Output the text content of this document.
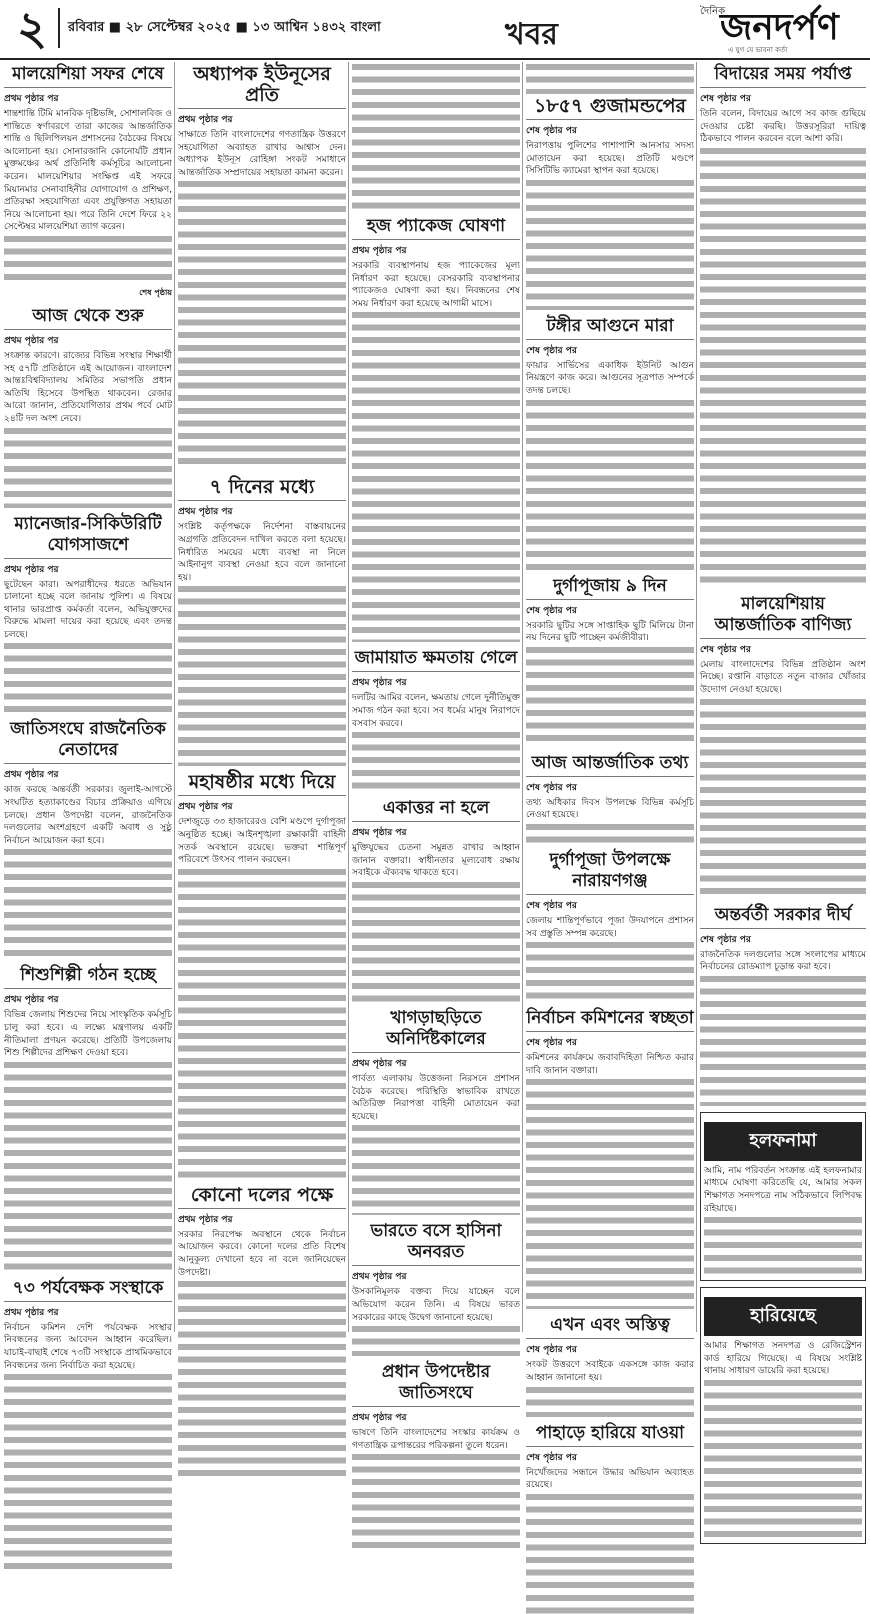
২	রবিবার ■ ২৮ সেপ্টেম্বর ২০২৫ ■ ১৩ আশ্বিন ১৪৩২ বাংলা	খবর
দৈনিক
জনদর্পণ
এ যুগ যে ভাবনা কর্তা
মালয়েশিয়া সফর শেষে

প্রথম পৃষ্ঠার পর

শান্তশান্তি টিমি মানবিক দৃষ্টিভঙ্গি, সোশালবিজ ও শান্তিতে স্বর্ণাবরণে তারা কাজের আন্তর্জাতিক শান্তি ও ছিলিপিলয়ন প্রশাসনের বৈঠকের বিষয়ে আলোচনা হয়। সোনারজানি কোনোর্যটি প্রধান মুক্তমঞ্চের অর্থ প্রতিনিধি কর্মসূচির আলোচনা করেন। মালয়েশিয়ার সংক্ষিপ্ত এই সফরে মিয়ানমার সেনাবাহিনীর যোগাযোগ ও প্রশিক্ষণ, প্রতিরক্ষা সহযোগিতা এবং প্রযুক্তিগত সহায়তা নিয়ে আলোচনা হয়। পরে তিনি দেশে ফিরে ২২ সেপ্টেম্বর মালয়েশিয়া ত্যাগ করেন।

শেষ পৃষ্ঠায়

আজ থেকে শুরু

প্রথম পৃষ্ঠার পর

সংক্রান্ত কারণে। রাজ্যের বিভিন্ন সংস্থার শিক্ষার্থী সহ ৫৭টি প্রতিষ্ঠানে এই আয়োজন। বাংলাদেশ আন্তঃবিশ্ববিদ্যালয় সমিতির সভাপতি প্রধান অতিথি হিসেবে উপস্থিত থাকবেন। রেজার আরো জানান, প্রতিযোগিতার প্রথম পর্বে মোট ২৪টি দল অংশ নেবে।

ম্যানেজার-সিকিউরিটি যোগসাজশে

প্রথম পৃষ্ঠার পর

ছুটেছেন কারা। অপরাধীদের ধরতে অভিযান চালানো হচ্ছে বলে জানায় পুলিশ। এ বিষয়ে থানার ভারপ্রাপ্ত কর্মকর্তা বলেন, অভিযুক্তদের বিরুদ্ধে মামলা দায়ের করা হয়েছে এবং তদন্ত চলছে।

জাতিসংঘে রাজনৈতিক নেতাদের

প্রথম পৃষ্ঠার পর

কাজ করছে অন্তর্বর্তী সরকার। জুলাই-আগস্টে সংঘটিত হত্যাকাণ্ডের বিচার প্রক্রিয়াও এগিয়ে চলছে। প্রধান উপদেষ্টা বলেন, রাজনৈতিক দলগুলোর অংশগ্রহণে একটি অবাধ ও সুষ্ঠু নির্বাচন আয়োজন করা হবে।

শিশুশিল্পী গঠন হচ্ছে

প্রথম পৃষ্ঠার পর

বিভিন্ন জেলায় শিশুদের নিয়ে সাংস্কৃতিক কর্মসূচি চালু করা হবে। এ লক্ষ্যে মন্ত্রণালয় একটি নীতিমালা প্রণয়ন করেছে। প্রতিটি উপজেলায় শিশু শিল্পীদের প্রশিক্ষণ দেওয়া হবে।

৭৩ পর্যবেক্ষক সংস্থাকে

প্রথম পৃষ্ঠার পর

নির্বাচন কমিশন দেশি পর্যবেক্ষক সংস্থার নিবন্ধনের জন্য আবেদন আহ্বান করেছিল। যাচাই-বাছাই শেষে ৭৩টি সংস্থাকে প্রাথমিকভাবে নিবন্ধনের জন্য নির্বাচিত করা হয়েছে।

অধ্যাপক ইউনূসের প্রতি

প্রথম পৃষ্ঠার পর

সাক্ষাতে তিনি বাংলাদেশের গণতান্ত্রিক উত্তরণে সহযোগিতা অব্যাহত রাখার আশ্বাস দেন। অধ্যাপক ইউনূস রোহিঙ্গা সংকট সমাধানে আন্তর্জাতিক সম্প্রদায়ের সহায়তা কামনা করেন।

৭ দিনের মধ্যে

প্রথম পৃষ্ঠার পর

সংশ্লিষ্ট কর্তৃপক্ষকে নির্দেশনা বাস্তবায়নের অগ্রগতি প্রতিবেদন দাখিল করতে বলা হয়েছে। নির্ধারিত সময়ের মধ্যে ব্যবস্থা না নিলে আইনানুগ ব্যবস্থা নেওয়া হবে বলে জানানো হয়।

মহাষষ্ঠীর মধ্যে দিয়ে

প্রথম পৃষ্ঠার পর

দেশজুড়ে ৩৩ হাজারেরও বেশি মণ্ডপে দুর্গাপূজা অনুষ্ঠিত হচ্ছে। আইনশৃঙ্খলা রক্ষাকারী বাহিনী সতর্ক অবস্থানে রয়েছে। ভক্তরা শান্তিপূর্ণ পরিবেশে উৎসব পালন করছেন।

কোনো দলের পক্ষে

প্রথম পৃষ্ঠার পর

সরকার নিরপেক্ষ অবস্থানে থেকে নির্বাচন আয়োজন করবে। কোনো দলের প্রতি বিশেষ আনুকূল্য দেখানো হবে না বলে জানিয়েছেন উপদেষ্টা।

হজ প্যাকেজ ঘোষণা

প্রথম পৃষ্ঠার পর

সরকারি ব্যবস্থাপনায় হজ প্যাকেজের মূল্য নির্ধারণ করা হয়েছে। বেসরকারি ব্যবস্থাপনার প্যাকেজও ঘোষণা করা হয়। নিবন্ধনের শেষ সময় নির্ধারণ করা হয়েছে আগামী মাসে।

জামায়াত ক্ষমতায় গেলে

প্রথম পৃষ্ঠার পর

দলটির আমির বলেন, ক্ষমতায় গেলে দুর্নীতিমুক্ত সমাজ গঠন করা হবে। সব ধর্মের মানুষ নিরাপদে বসবাস করবে।

একাত্তর না হলে

প্রথম পৃষ্ঠার পর

মুক্তিযুদ্ধের চেতনা সমুন্নত রাখার আহ্বান জানান বক্তারা। স্বাধীনতার মূল্যবোধ রক্ষায় সবাইকে ঐক্যবদ্ধ থাকতে হবে।

খাগড়াছড়িতে অনির্দিষ্টকালের

প্রথম পৃষ্ঠার পর

পার্বত্য এলাকায় উত্তেজনা নিরসনে প্রশাসন বৈঠক করেছে। পরিস্থিতি স্বাভাবিক রাখতে অতিরিক্ত নিরাপত্তা বাহিনী মোতায়েন করা হয়েছে।

ভারতে বসে হাসিনা অনবরত

প্রথম পৃষ্ঠার পর

উসকানিমূলক বক্তব্য দিয়ে যাচ্ছেন বলে অভিযোগ করেন তিনি। এ বিষয়ে ভারত সরকারের কাছে উদ্বেগ জানানো হয়েছে।

প্রধান উপদেষ্টার জাতিসংঘে

প্রথম পৃষ্ঠার পর

ভাষণে তিনি বাংলাদেশের সংস্কার কার্যক্রম ও গণতান্ত্রিক রূপান্তরের পরিকল্পনা তুলে ধরেন।

১৮৫৭ গুজামন্ডপের

শেষ পৃষ্ঠার পর

নিরাপত্তায় পুলিশের পাশাপাশি আনসার সদস্য মোতায়েন করা হয়েছে। প্রতিটি মণ্ডপে সিসিটিভি ক্যামেরা স্থাপন করা হয়েছে।

টঙ্গীর আগুনে মারা

শেষ পৃষ্ঠার পর

ফায়ার সার্ভিসের একাধিক ইউনিট আগুন নিয়ন্ত্রণে কাজ করে। আগুনের সূত্রপাত সম্পর্কে তদন্ত চলছে।

দুর্গাপূজায় ৯ দিন

শেষ পৃষ্ঠার পর

সরকারি ছুটির সঙ্গে সাপ্তাহিক ছুটি মিলিয়ে টানা নয় দিনের ছুটি পাচ্ছেন কর্মজীবীরা।

আজ আন্তর্জাতিক তথ্য

শেষ পৃষ্ঠার পর

তথ্য অধিকার দিবস উপলক্ষে বিভিন্ন কর্মসূচি নেওয়া হয়েছে।

দুর্গাপূজা উপলক্ষে নারায়ণগঞ্জ

শেষ পৃষ্ঠার পর

জেলায় শান্তিপূর্ণভাবে পূজা উদযাপনে প্রশাসন সব প্রস্তুতি সম্পন্ন করেছে।

নির্বাচন কমিশনের স্বচ্ছতা

শেষ পৃষ্ঠার পর

কমিশনের কার্যক্রমে জবাবদিহিতা নিশ্চিত করার দাবি জানান বক্তারা।

এখন এবং অস্তিত্ব

শেষ পৃষ্ঠার পর

সংকট উত্তরণে সবাইকে একসঙ্গে কাজ করার আহ্বান জানানো হয়।

পাহাড়ে হারিয়ে যাওয়া

শেষ পৃষ্ঠার পর

নিখোঁজদের সন্ধানে উদ্ধার অভিযান অব্যাহত রয়েছে।

বিদায়ের সময় পর্যাপ্ত

শেষ পৃষ্ঠার পর

তিনি বলেন, বিদায়ের আগে সব কাজ গুছিয়ে দেওয়ার চেষ্টা করছি। উত্তরসূরিরা দায়িত্ব ঠিকভাবে পালন করবেন বলে আশা করি।

মালয়েশিয়ায় আন্তর্জাতিক বাণিজ্য

শেষ পৃষ্ঠার পর

মেলায় বাংলাদেশের বিভিন্ন প্রতিষ্ঠান অংশ নিচ্ছে। রপ্তানি বাড়াতে নতুন বাজার খোঁজার উদ্যোগ নেওয়া হয়েছে।

অন্তর্বর্তী সরকার দীর্ঘ

শেষ পৃষ্ঠার পর

রাজনৈতিক দলগুলোর সঙ্গে সংলাপের মাধ্যমে নির্বাচনের রোডম্যাপ চূড়ান্ত করা হবে।

হলফনামা

আমি, নাম পরিবর্তন সংক্রান্ত এই হলফনামার মাধ্যমে ঘোষণা করিতেছি যে, আমার সকল শিক্ষাগত সনদপত্রে নাম সঠিকভাবে লিপিবদ্ধ রহিয়াছে।

হারিয়েছে

আমার শিক্ষাগত সনদপত্র ও রেজিস্ট্রেশন কার্ড হারিয়ে গিয়েছে। এ বিষয়ে সংশ্লিষ্ট থানায় সাধারণ ডায়েরি করা হয়েছে।
